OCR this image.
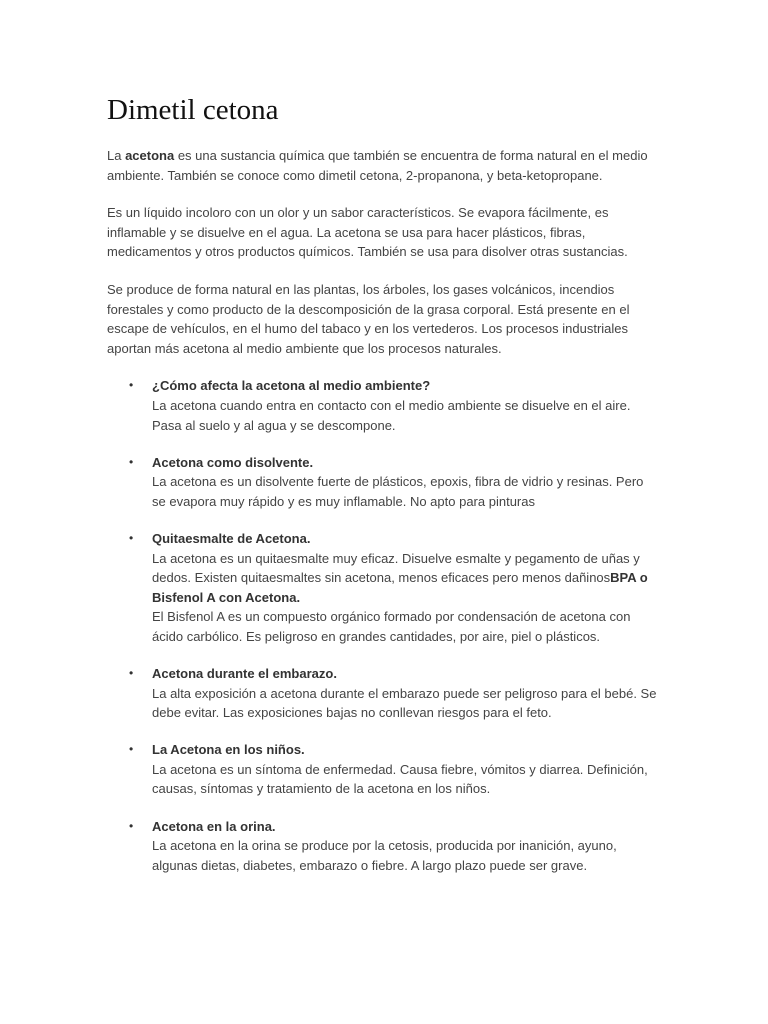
Dimetil cetona

La acetona es una sustancia química que también se encuentra de forma natural en el medio ambiente. También se conoce como dimetil cetona, 2-propanona, y beta-ketopropane.

Es un líquido incoloro con un olor y un sabor característicos. Se evapora fácilmente, es inflamable y se disuelve en el agua. La acetona se usa para hacer plásticos, fibras, medicamentos y otros productos químicos. También se usa para disolver otras sustancias.

Se produce de forma natural en las plantas, los árboles, los gases volcánicos, incendios forestales y como producto de la descomposición de la grasa corporal. Está presente en el escape de vehículos, en el humo del tabaco y en los vertederos. Los procesos industriales aportan más acetona al medio ambiente que los procesos naturales.

• ¿Cómo afecta la acetona al medio ambiente?
La acetona cuando entra en contacto con el medio ambiente se disuelve en el aire. Pasa al suelo y al agua y se descompone.
• Acetona como disolvente.
La acetona es un disolvente fuerte de plásticos, epoxis, fibra de vidrio y resinas. Pero se evapora muy rápido y es muy inflamable. No apto para pinturas
• Quitaesmalte de Acetona.
La acetona es un quitaesmalte muy eficaz. Disuelve esmalte y pegamento de uñas y dedos. Existen quitaesmaltes sin acetona, menos eficaces pero menos dañinosBPA o Bisfenol A con Acetona.
El Bisfenol A es un compuesto orgánico formado por condensación de acetona con ácido carbólico. Es peligroso en grandes cantidades, por aire, piel o plásticos.
• Acetona durante el embarazo.
La alta exposición a acetona durante el embarazo puede ser peligroso para el bebé. Se debe evitar. Las exposiciones bajas no conllevan riesgos para el feto.
• La Acetona en los niños.
La acetona es un síntoma de enfermedad. Causa fiebre, vómitos y diarrea. Definición, causas, síntomas y tratamiento de la acetona en los niños.
• Acetona en la orina.
La acetona en la orina se produce por la cetosis, producida por inanición, ayuno, algunas dietas, diabetes, embarazo o fiebre. A largo plazo puede ser grave.
